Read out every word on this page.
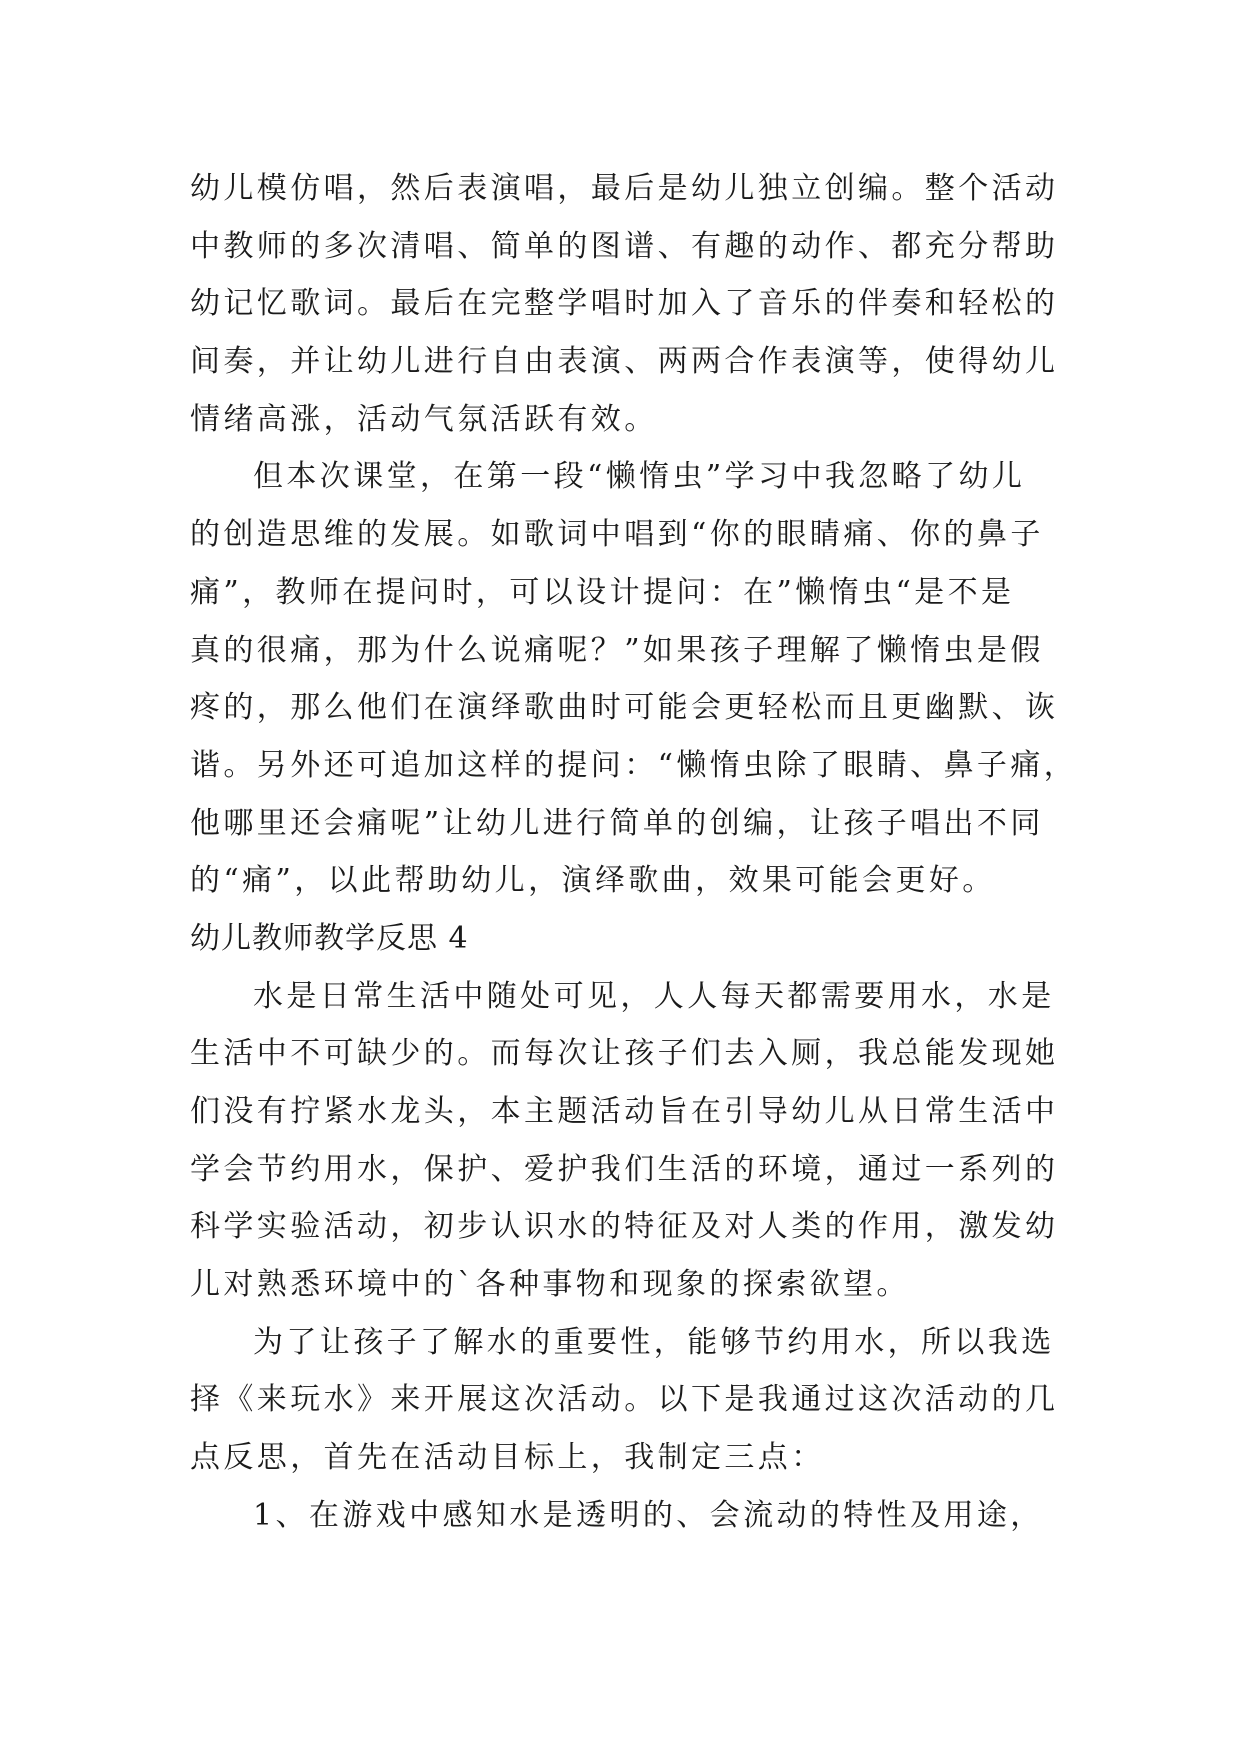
幼儿模仿唱，然后表演唱，最后是幼儿独立创编。整个活动
中教师的多次清唱、简单的图谱、有趣的动作、都充分帮助
幼记忆歌词。最后在完整学唱时加入了音乐的伴奏和轻松的
间奏，并让幼儿进行自由表演、两两合作表演等，使得幼儿
情绪高涨，活动气氛活跃有效。
但本次课堂，在第一段“懒惰虫”学习中我忽略了幼儿
的创造思维的发展。如歌词中唱到“你的眼睛痛、你的鼻子
痛”，教师在提问时，可以设计提问：在”懒惰虫“是不是
真的很痛，那为什么说痛呢？”如果孩子理解了懒惰虫是假
疼的，那么他们在演绎歌曲时可能会更轻松而且更幽默、诙
谐。另外还可追加这样的提问：“懒惰虫除了眼睛、鼻子痛，
他哪里还会痛呢”让幼儿进行简单的创编，让孩子唱出不同
的“痛”，以此帮助幼儿，演绎歌曲，效果可能会更好。
幼儿教师教学反思 4
水是日常生活中随处可见，人人每天都需要用水，水是
生活中不可缺少的。而每次让孩子们去入厕，我总能发现她
们没有拧紧水龙头，本主题活动旨在引导幼儿从日常生活中
学会节约用水，保护、爱护我们生活的环境，通过一系列的
科学实验活动，初步认识水的特征及对人类的作用，激发幼
儿对熟悉环境中的`各种事物和现象的探索欲望。
为了让孩子了解水的重要性，能够节约用水，所以我选
择《来玩水》来开展这次活动。以下是我通过这次活动的几
点反思，首先在活动目标上，我制定三点：
1、在游戏中感知水是透明的、会流动的特性及用途，
